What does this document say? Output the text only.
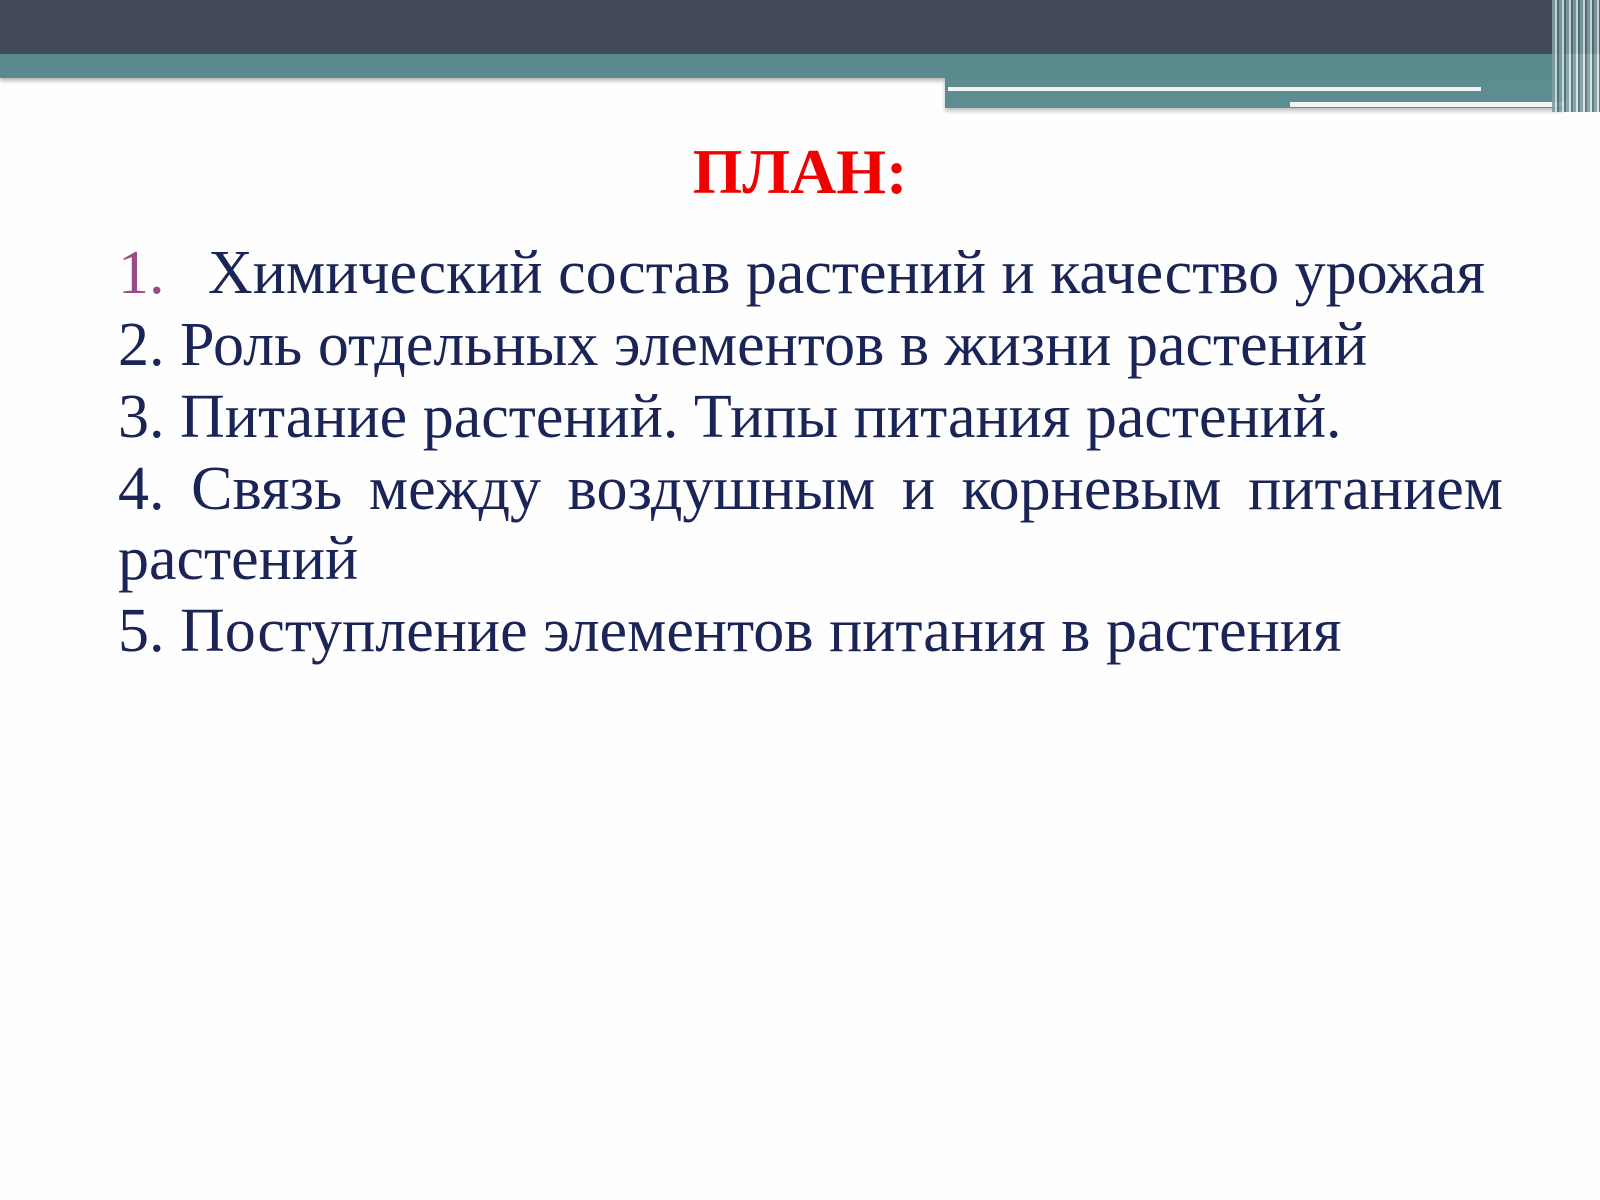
ПЛАН:
1. Химический состав растений и качество урожая
2. Роль отдельных элементов в жизни растений
3. Питание растений. Типы питания растений.
4. Связь между воздушным и корневым питанием растений
5. Поступление элементов питания в растения
